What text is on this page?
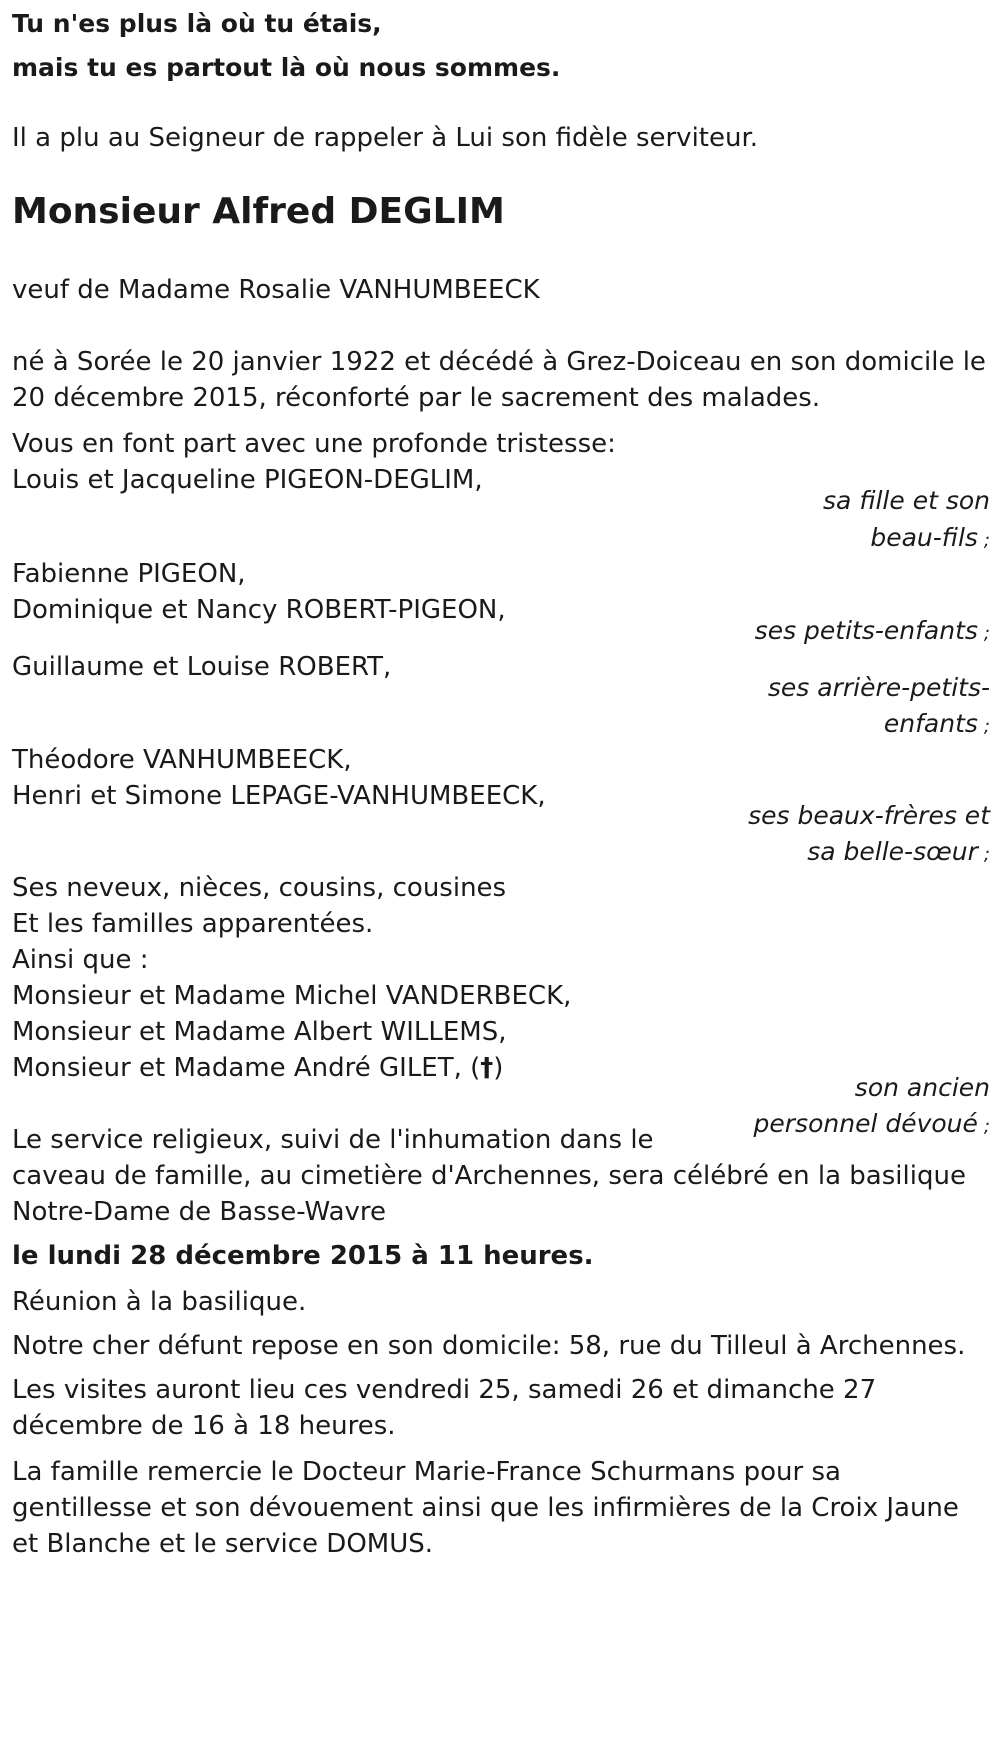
Tu n'es plus là où tu étais,
mais tu es partout là où nous sommes.
Il a plu au Seigneur de rappeler à Lui son fidèle serviteur.
Monsieur Alfred DEGLIM
veuf de Madame Rosalie VANHUMBEECK
né à Sorée le 20 janvier 1922 et décédé à Grez-Doiceau en son domicile le
20 décembre 2015, réconforté par le sacrement des malades.
Vous en font part avec une profonde tristesse:
Louis et Jacqueline PIGEON-DEGLIM,
sa fille et son
beau-fils ;
Fabienne PIGEON,
Dominique et Nancy ROBERT-PIGEON,
ses petits-enfants ;
Guillaume et Louise ROBERT,
ses arrière-petits-
enfants ;
Théodore VANHUMBEECK,
Henri et Simone LEPAGE-VANHUMBEECK,
ses beaux-frères et
sa belle-sœur ;
Ses neveux, nièces, cousins, cousines
Et les familles apparentées.
Ainsi que :
Monsieur et Madame Michel VANDERBECK,
Monsieur et Madame Albert WILLEMS,
Monsieur et Madame André GILET, (†)
son ancien
personnel dévoué ;
Le service religieux, suivi de l'inhumation dans le
caveau de famille, au cimetière d'Archennes, sera célébré en la basilique
Notre-Dame de Basse-Wavre
le lundi 28 décembre 2015 à 11 heures.
Réunion à la basilique.
Notre cher défunt repose en son domicile: 58, rue du Tilleul à Archennes.
Les visites auront lieu ces vendredi 25, samedi 26 et dimanche 27
décembre de 16 à 18 heures.
La famille remercie le Docteur Marie-France Schurmans pour sa
gentillesse et son dévouement ainsi que les infirmières de la Croix Jaune
et Blanche et le service DOMUS.
